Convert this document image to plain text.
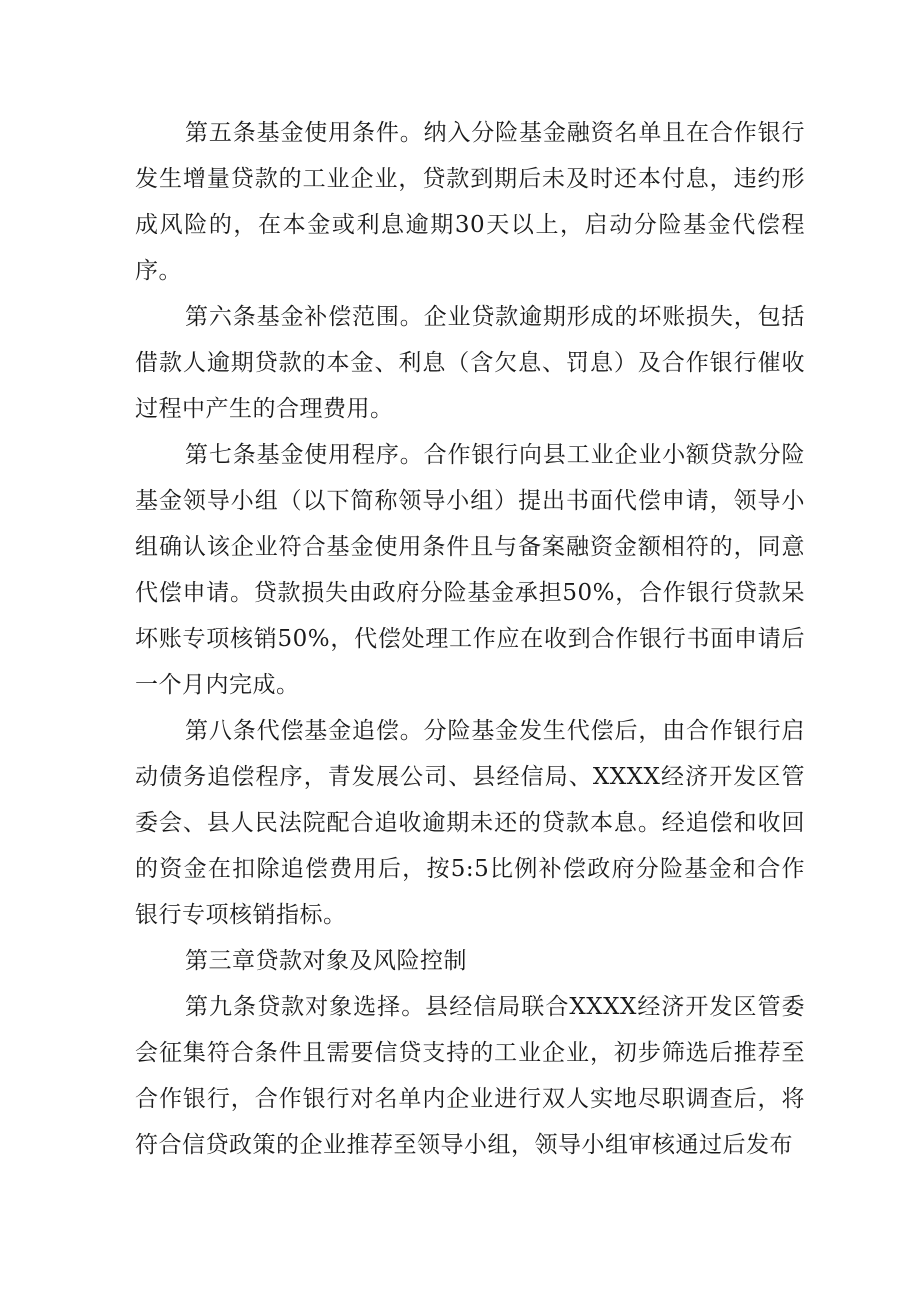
第五条基金使用条件。纳入分险基金融资名单且在合作银行发生增量贷款的工业企业，贷款到期后未及时还本付息，违约形成风险的，在本金或利息逾期30天以上，启动分险基金代偿程序。

第六条基金补偿范围。企业贷款逾期形成的坏账损失，包括借款人逾期贷款的本金、利息（含欠息、罚息）及合作银行催收过程中产生的合理费用。

第七条基金使用程序。合作银行向县工业企业小额贷款分险基金领导小组（以下简称领导小组）提出书面代偿申请，领导小组确认该企业符合基金使用条件且与备案融资金额相符的，同意代偿申请。贷款损失由政府分险基金承担50%，合作银行贷款呆坏账专项核销50%，代偿处理工作应在收到合作银行书面申请后一个月内完成。

第八条代偿基金追偿。分险基金发生代偿后，由合作银行启动债务追偿程序，青发展公司、县经信局、XXXX经济开发区管委会、县人民法院配合追收逾期未还的贷款本息。经追偿和收回的资金在扣除追偿费用后，按5:5比例补偿政府分险基金和合作银行专项核销指标。

第三章贷款对象及风险控制

第九条贷款对象选择。县经信局联合XXXX经济开发区管委会征集符合条件且需要信贷支持的工业企业，初步筛选后推荐至合作银行，合作银行对名单内企业进行双人实地尽职调查后，将符合信贷政策的企业推荐至领导小组，领导小组审核通过后发布
